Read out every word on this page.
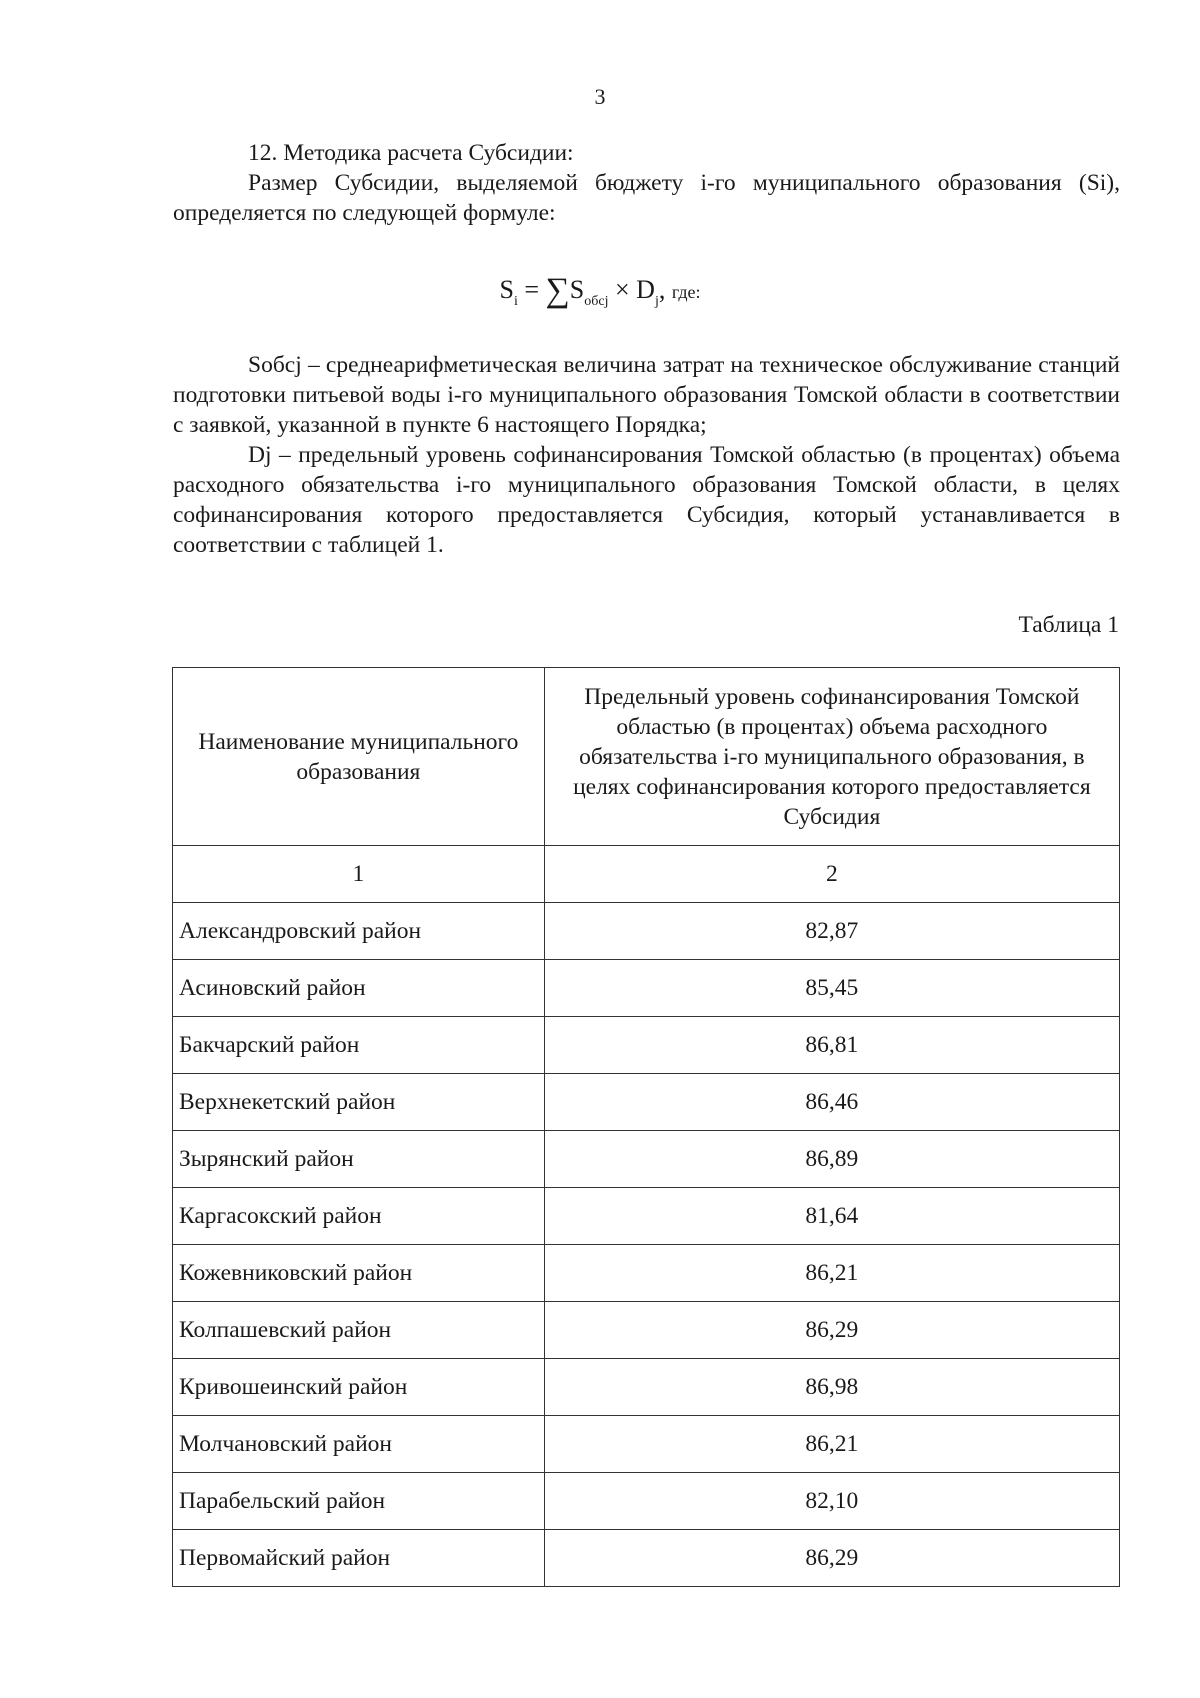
3

12. Методика расчета Субсидии:

Размер Субсидии, выделяемой бюджету i-го муниципального образования (Si), определяется по следующей формуле:

$S_i = \sum S_{обсj} \times D_j$, где:

Sобсj – среднеарифметическая величина затрат на техническое обслуживание станций подготовки питьевой воды i-го муниципального образования Томской области в соответствии с заявкой, указанной в пункте 6 настоящего Порядка;

Dj – предельный уровень софинансирования Томской областью (в процентах) объема расходного обязательства i-го муниципального образования Томской области, в целях софинансирования которого предоставляется Субсидия, который устанавливается в соответствии с таблицей 1.

Таблица 1
Наименование муниципального образования	Предельный уровень софинансирования Томской областью (в процентах) объема расходного обязательства i-го муниципального образования, в целях софинансирования которого предоставляется Субсидия
1	2
Александровский район	82,87
Асиновский район	85,45
Бакчарский район	86,81
Верхнекетский район	86,46
Зырянский район	86,89
Каргасокский район	81,64
Кожевниковский район	86,21
Колпашевский район	86,29
Кривошеинский район	86,98
Молчановский район	86,21
Парабельский район	82,10
Первомайский район	86,29
